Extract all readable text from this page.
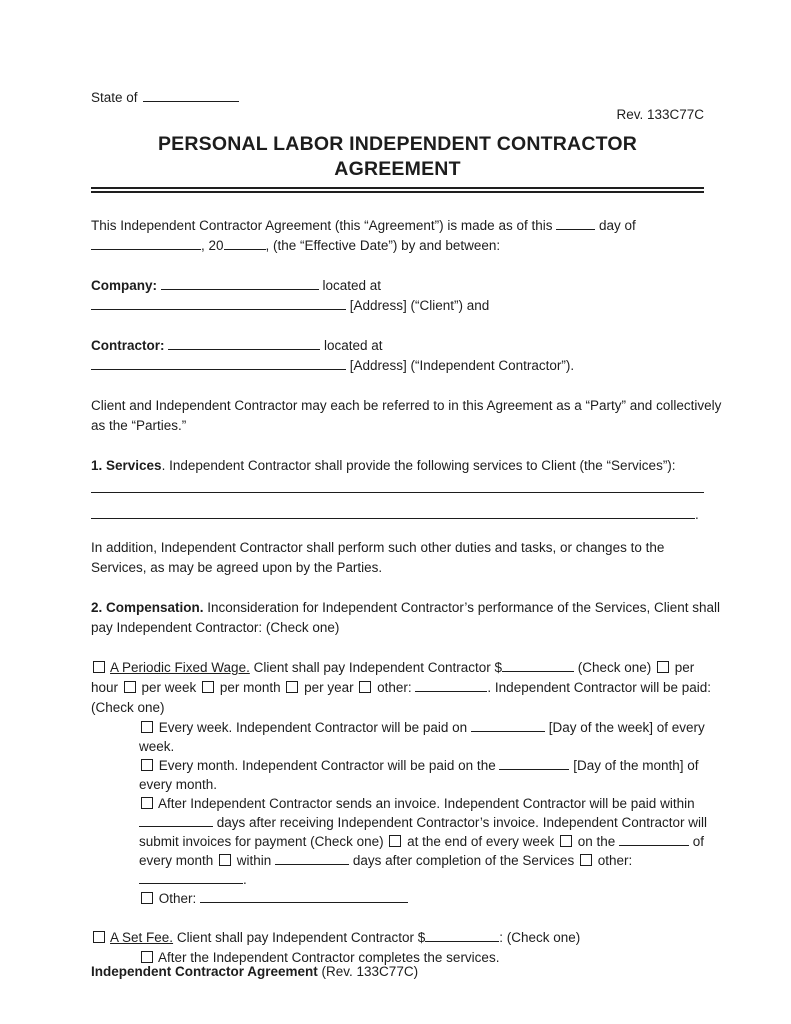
State of
Rev. 133C77C
PERSONAL LABOR INDEPENDENT CONTRACTOR
AGREEMENT
This Independent Contractor Agreement (this “Agreement”) is made as of this	day of
, 20	, (the “Effective Date”) by and between:
Company:	located at
[Address] (“Client”) and
Contractor:	located at
[Address] (“Independent Contractor”).
Client and Independent Contractor may each be referred to in this Agreement as a “Party” and collectively
as the “Parties.”
1. Services. Independent Contractor shall provide the following services to Client (the “Services”):
.
In addition, Independent Contractor shall perform such other duties and tasks, or changes to the
Services, as may be agreed upon by the Parties.
2. Compensation. Inconsideration for Independent Contractor’s performance of the Services, Client shall
pay Independent Contractor: (Check one)
A Periodic Fixed Wage. Client shall pay Independent Contractor $	(Check one)  per
hour  per week  per month  per year  other:	. Independent Contractor will be paid:
(Check one)
Every week. Independent Contractor will be paid on	[Day of the week] of every
week.
Every month. Independent Contractor will be paid on the	[Day of the month] of
every month.
After Independent Contractor sends an invoice. Independent Contractor will be paid within
days after receiving Independent Contractor’s invoice. Independent Contractor will
submit invoices for payment (Check one)  at the end of every week  on the	of
every month  within	days after completion of the Services  other:
.
Other:
A Set Fee. Client shall pay Independent Contractor $	: (Check one)
After the Independent Contractor completes the services.
Independent Contractor Agreement (Rev. 133C77C)
